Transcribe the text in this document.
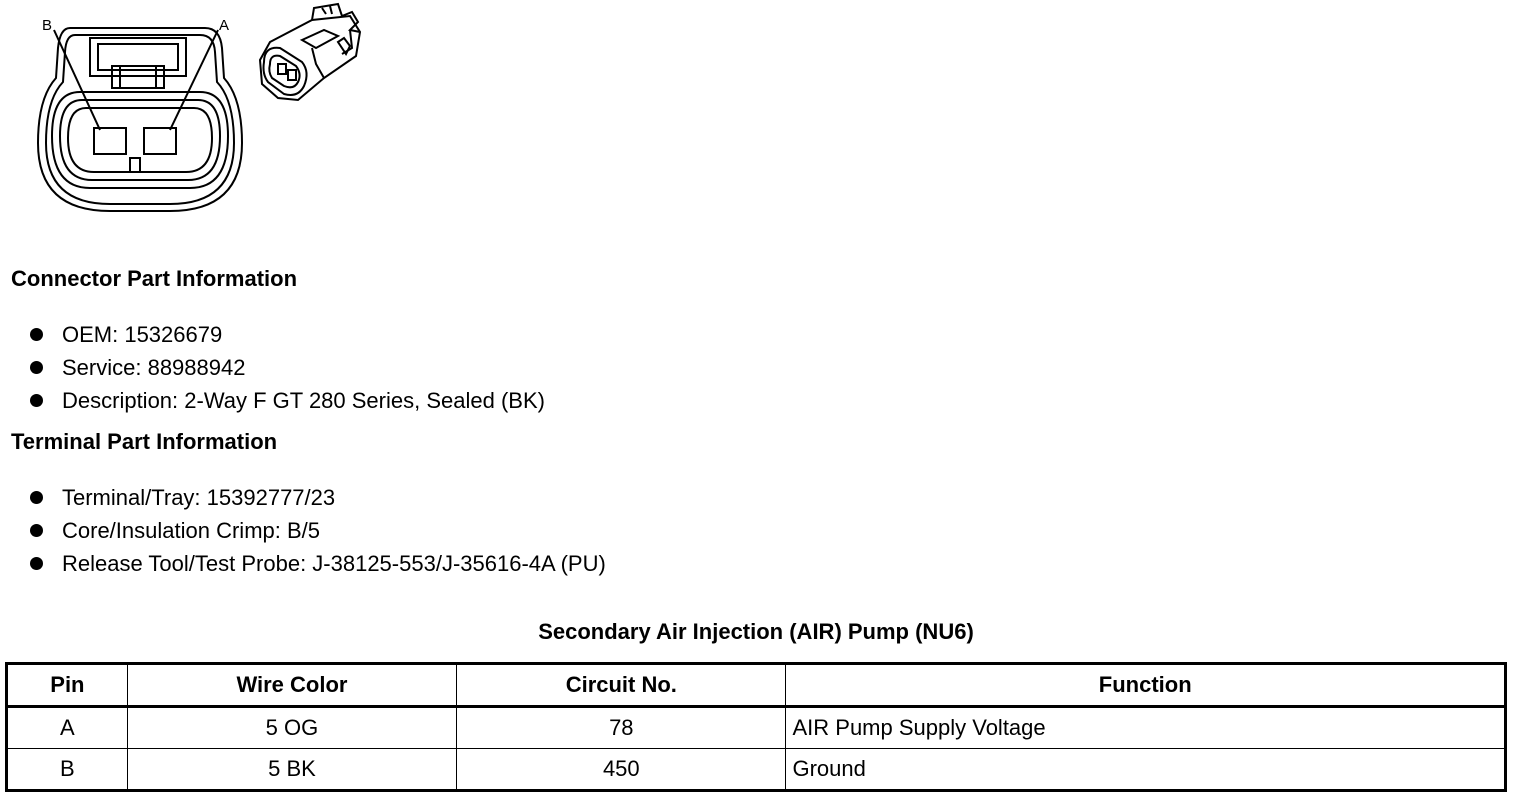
B	A
Connector Part Information
OEM: 15326679
Service: 88988942
Description: 2-Way F GT 280 Series, Sealed (BK)
Terminal Part Information
Terminal/Tray: 15392777/23
Core/Insulation Crimp: B/5
Release Tool/Test Probe: J-38125-553/J-35616-4A (PU)
Secondary Air Injection (AIR) Pump (NU6)
Pin	Wire Color	Circuit No.	Function
A	5 OG	78	AIR Pump Supply Voltage
B	5 BK	450	Ground
